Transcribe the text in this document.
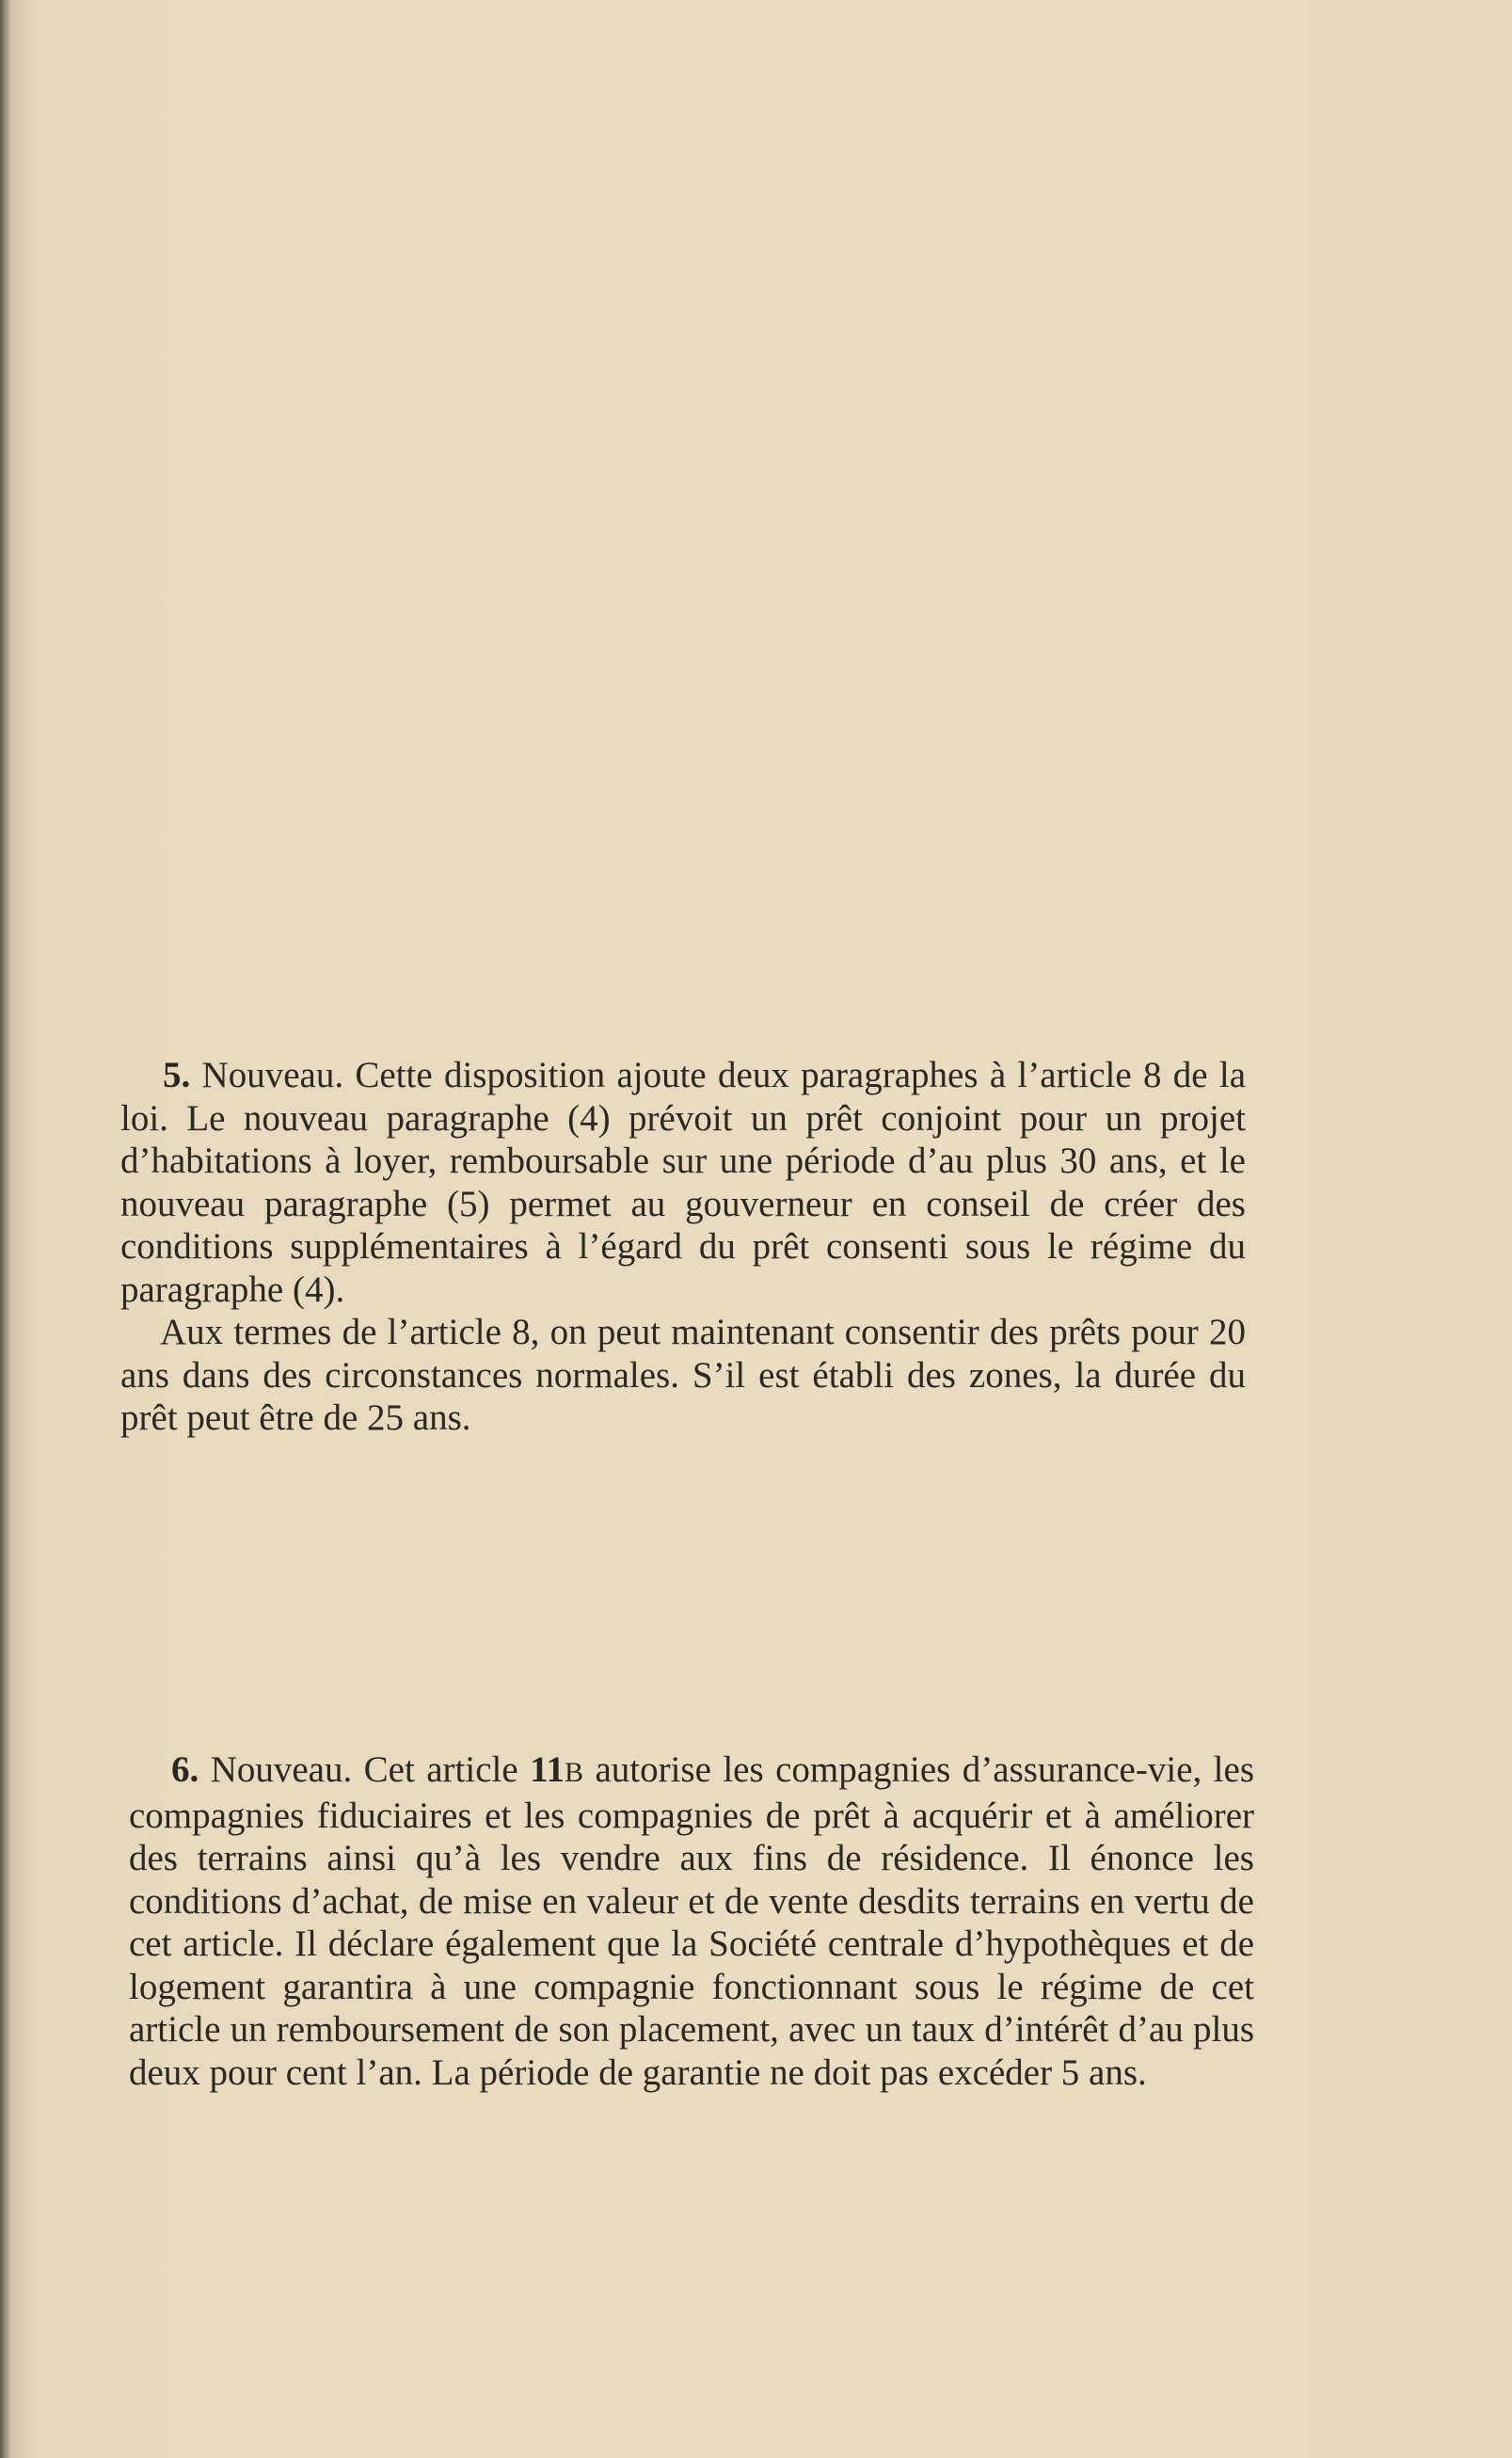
5. Nouveau. Cette disposition ajoute deux paragraphes à l’article 8 de la loi. Le nouveau paragraphe (4) prévoit un prêt conjoint pour un projet d’habitations à loyer, remboursable sur une période d’au plus 30 ans, et le nouveau paragraphe (5) permet au gouverneur en conseil de créer des conditions supplémentaires à l’égard du prêt consenti sous le régime du paragraphe (4).

Aux termes de l’article 8, on peut maintenant consentir des prêts pour 20 ans dans des circonstances normales. S’il est établi des zones, la durée du prêt peut être de 25 ans.

6. Nouveau. Cet article 11B autorise les compagnies d’assurance-vie, les compagnies fiduciaires et les compagnies de prêt à acquérir et à améliorer des terrains ainsi qu’à les vendre aux fins de résidence. Il énonce les conditions d’achat, de mise en valeur et de vente desdits terrains en vertu de cet article. Il déclare également que la Société centrale d’hypothèques et de logement garantira à une compagnie fonctionnant sous le régime de cet article un remboursement de son placement, avec un taux d’intérêt d’au plus deux pour cent l’an. La période de garantie ne doit pas excéder 5 ans.
